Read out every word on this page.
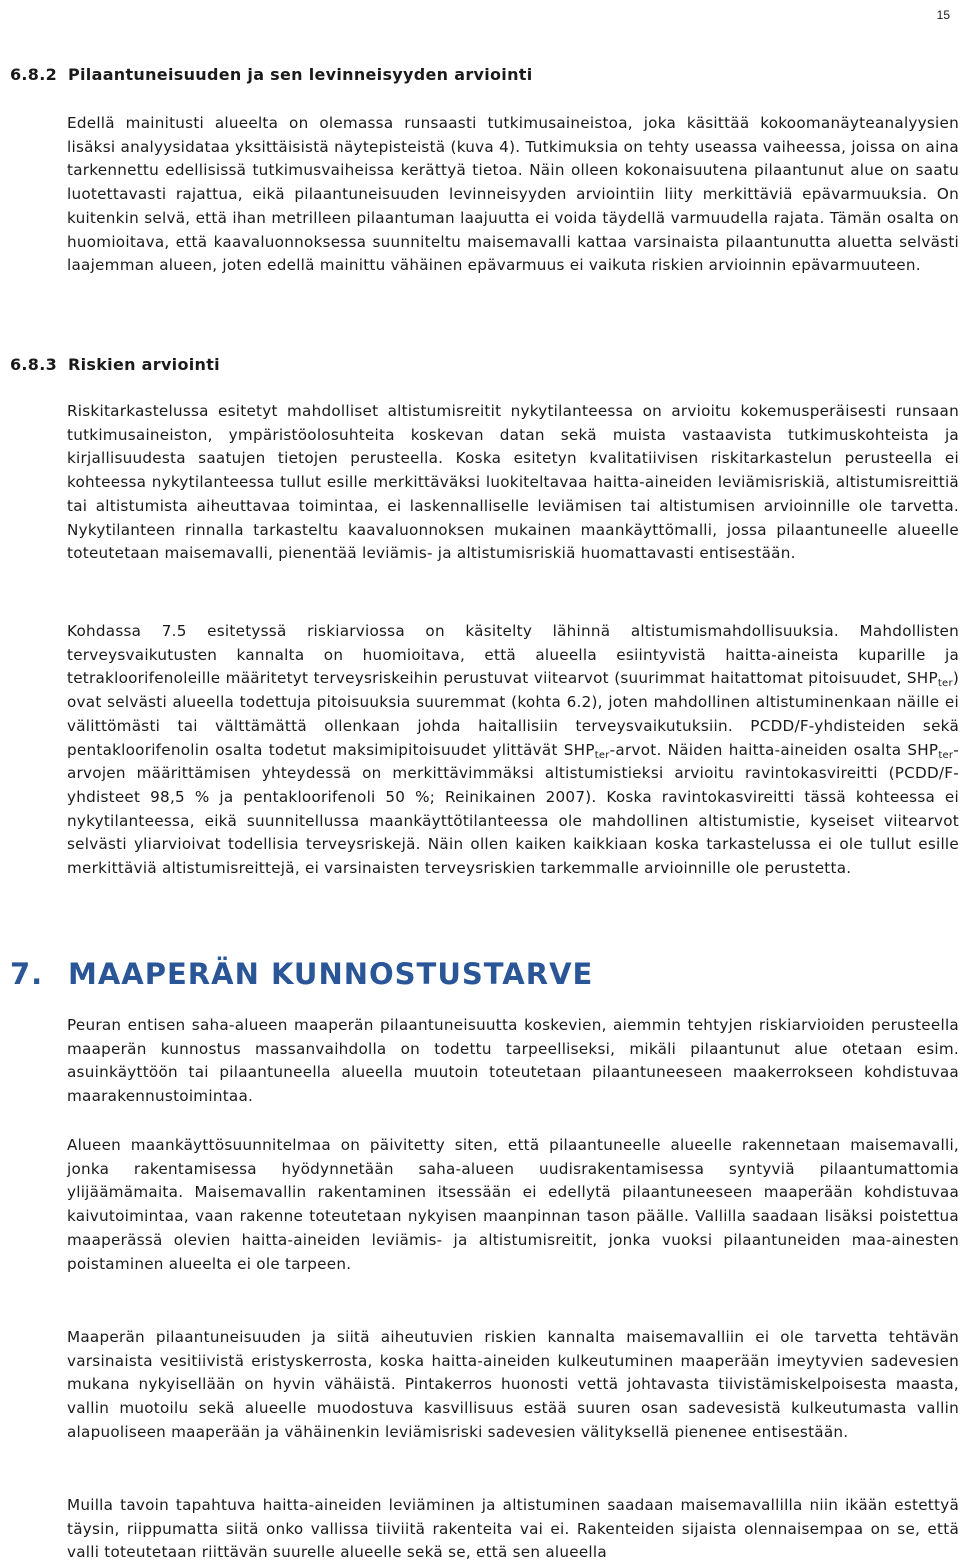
15
6.8.2 Pilaantuneisuuden ja sen levinneisyyden arviointi

Edellä mainitusti alueelta on olemassa runsaasti tutkimusaineistoa, joka käsittää kokoomanäyteanalyysien lisäksi analyysidataa yksittäisistä näytepisteistä (kuva 4). Tutkimuksia on tehty useassa vaiheessa, joissa on aina tarkennettu edellisissä tutkimusvaiheissa kerättyä tietoa. Näin olleen kokonaisuutena pilaantunut alue on saatu luotettavasti rajattua, eikä pilaantuneisuuden levinneisyyden arviointiin liity merkittäviä epävarmuuksia. On kuitenkin selvä, että ihan metrilleen pilaantuman laajuutta ei voida täydellä varmuudella rajata. Tämän osalta on huomioitava, että kaavaluonnoksessa suunniteltu maisemavalli kattaa varsinaista pilaantunutta aluetta selvästi laajemman alueen, joten edellä mainittu vähäinen epävarmuus ei vaikuta riskien arvioinnin epävarmuuteen.

6.8.3 Riskien arviointi

Riskitarkastelussa esitetyt mahdolliset altistumisreitit nykytilanteessa on arvioitu kokemusperäisesti runsaan tutkimusaineiston, ympäristöolosuhteita koskevan datan sekä muista vastaavista tutkimuskohteista ja kirjallisuudesta saatujen tietojen perusteella. Koska esitetyn kvalitatiivisen riskitarkastelun perusteella ei kohteessa nykytilanteessa tullut esille merkittäväksi luokiteltavaa haitta-aineiden leviämisriskiä, altistumisreittiä tai altistumista aiheuttavaa toimintaa, ei laskennalliselle leviämisen tai altistumisen arvioinnille ole tarvetta. Nykytilanteen rinnalla tarkasteltu kaavaluonnoksen mukainen maankäyttömalli, jossa pilaantuneelle alueelle toteutetaan maisemavalli, pienentää leviämis- ja altistumisriskiä huomattavasti entisestään.

Kohdassa 7.5 esitetyssä riskiarviossa on käsitelty lähinnä altistumismahdollisuuksia. Mahdollisten terveysvaikutusten kannalta on huomioitava, että alueella esiintyvistä haitta-aineista kuparille ja tetrakloorifenoleille määritetyt terveysriskeihin perustuvat viitearvot (suurimmat haitattomat pitoisuudet, $SHP_{ter}$) ovat selvästi alueella todettuja pitoisuuksia suuremmat (kohta 6.2), joten mahdollinen altistuminenkaan näille ei välittömästi tai välttämättä ollenkaan johda haitallisiin terveysvaikutuksiin. PCDD/F-yhdisteiden sekä pentakloorifenolin osalta todetut maksimipitoisuudet ylittävät $SHP_{ter}$-arvot. Näiden haitta-aineiden osalta $SHP_{ter}$-arvojen määrittämisen yhteydessä on merkittävimmäksi altistumistieksi arvioitu ravintokasvireitti (PCDD/F-yhdisteet 98,5 % ja pentakloorifenoli 50 %; Reinikainen 2007). Koska ravintokasvireitti tässä kohteessa ei nykytilanteessa, eikä suunnitellussa maankäyttötilanteessa ole mahdollinen altistumistie, kyseiset viitearvot selvästi yliarvioivat todellisia terveysriskejä. Näin ollen kaiken kaikkiaan koska tarkastelussa ei ole tullut esille merkittäviä altistumisreittejä, ei varsinaisten terveysriskien tarkemmalle arvioinnille ole perustetta.

7. MAAPERÄN KUNNOSTUSTARVE

Peuran entisen saha-alueen maaperän pilaantuneisuutta koskevien, aiemmin tehtyjen riskiarvioiden perusteella maaperän kunnostus massanvaihdolla on todettu tarpeelliseksi, mikäli pilaantunut alue otetaan esim. asuinkäyttöön tai pilaantuneella alueella muutoin toteutetaan pilaantuneeseen maakerrokseen kohdistuvaa maarakennustoimintaa.

Alueen maankäyttösuunnitelmaa on päivitetty siten, että pilaantuneelle alueelle rakennetaan maisemavalli, jonka rakentamisessa hyödynnetään saha-alueen uudisrakentamisessa syntyviä pilaantumattomia ylijäämämaita. Maisemavallin rakentaminen itsessään ei edellytä pilaantuneeseen maaperään kohdistuvaa kaivutoimintaa, vaan rakenne toteutetaan nykyisen maanpinnan tason päälle. Vallilla saadaan lisäksi poistettua maaperässä olevien haitta-aineiden leviämis- ja altistumisreitit, jonka vuoksi pilaantuneiden maa-ainesten poistaminen alueelta ei ole tarpeen.

Maaperän pilaantuneisuuden ja siitä aiheutuvien riskien kannalta maisemavalliin ei ole tarvetta tehtävän varsinaista vesitiivistä eristyskerrosta, koska haitta-aineiden kulkeutuminen maaperään imeytyvien sadevesien mukana nykyisellään on hyvin vähäistä. Pintakerros huonosti vettä johtavasta tiivistämiskelpoisesta maasta, vallin muotoilu sekä alueelle muodostuva kasvillisuus estää suuren osan sadevesistä kulkeutumasta vallin alapuoliseen maaperään ja vähäinenkin leviämisriski sadevesien välityksellä pienenee entisestään.

Muilla tavoin tapahtuva haitta-aineiden leviäminen ja altistuminen saadaan maisemavallilla niin ikään estettyä täysin, riippumatta siitä onko vallissa tiiviitä rakenteita vai ei. Rakenteiden sijaista olennaisempaa on se, että valli toteutetaan riittävän suurelle alueelle sekä se, että sen alueella
